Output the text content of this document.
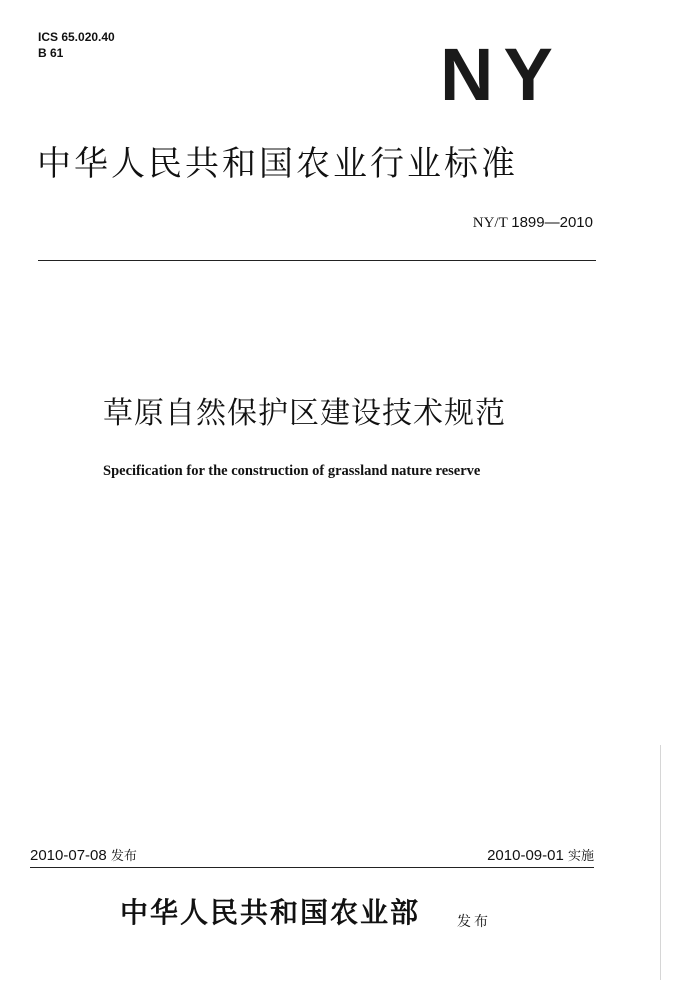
ICS 65.020.40
B 61	NY
中华人民共和国农业行业标准
NY/T 1899—2010
草原自然保护区建设技术规范
Specification for the construction of grassland nature reserve
2010-07-08 发布	2010-09-01 实施
中华人民共和国农业部	发布
